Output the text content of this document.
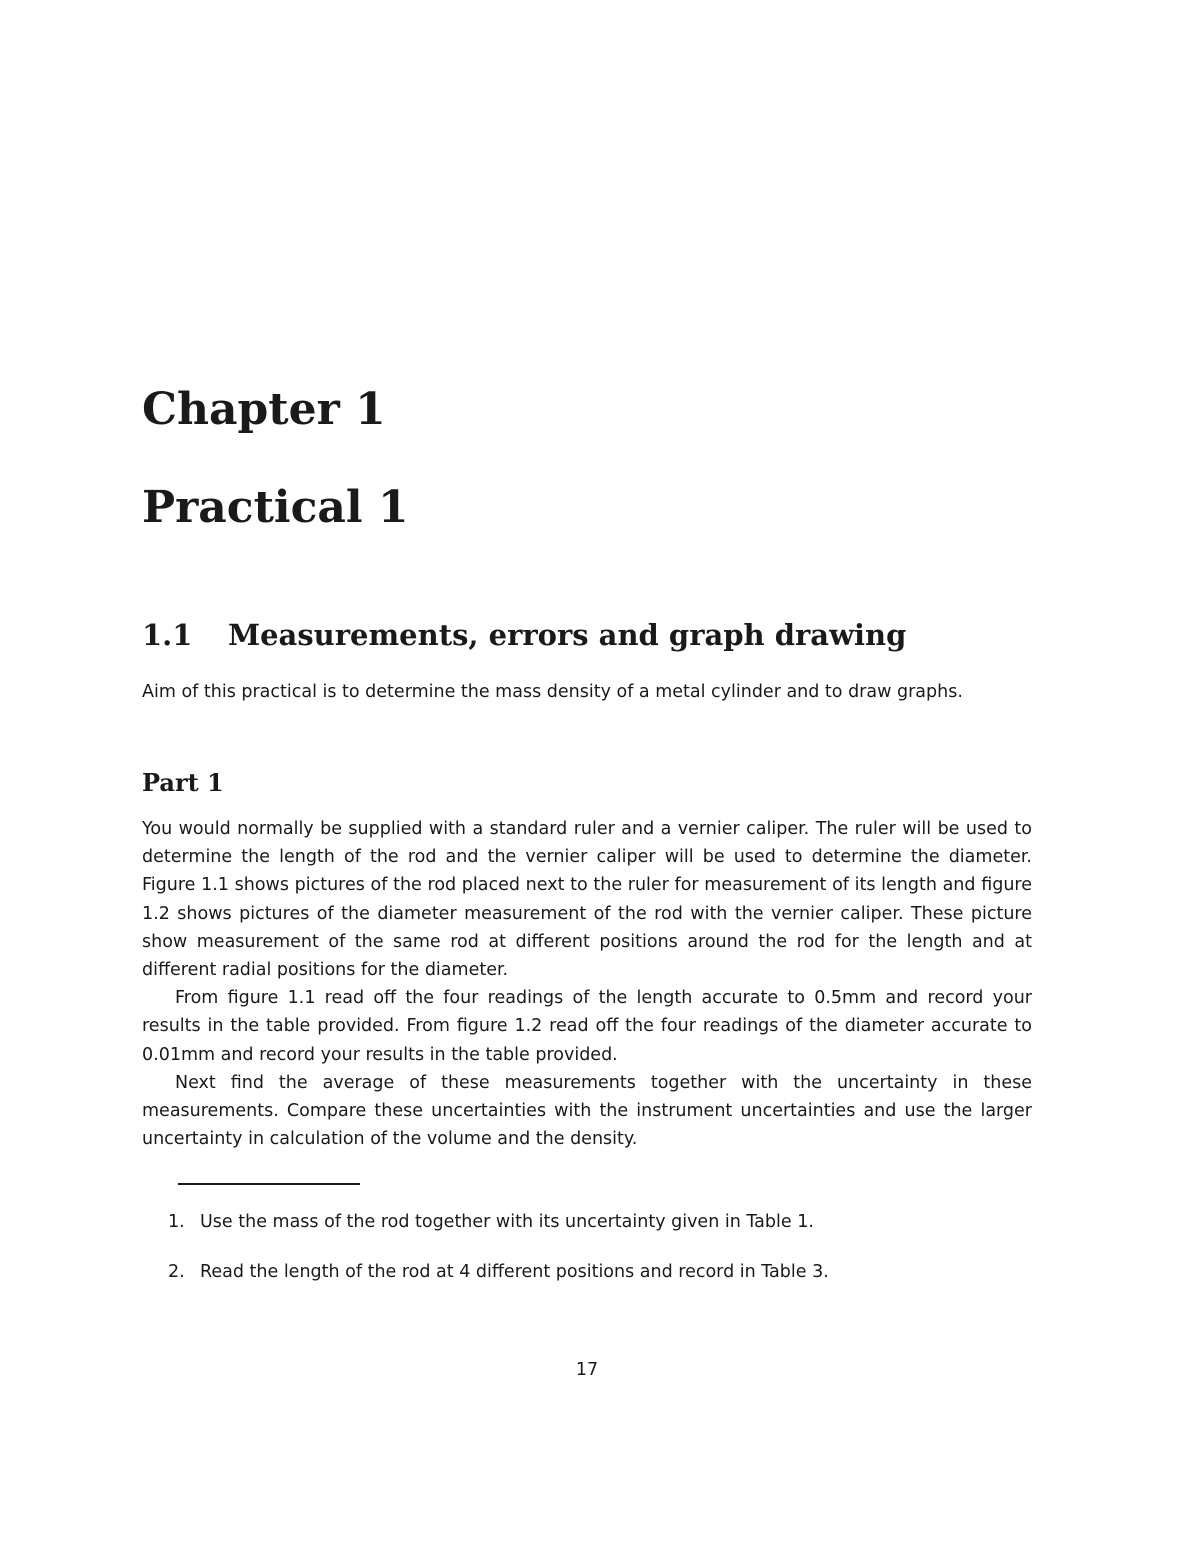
Chapter 1
Practical 1
1.1 Measurements, errors and graph drawing

Aim of this practical is to determine the mass density of a metal cylinder and to draw graphs.

Part 1

You would normally be supplied with a standard ruler and a vernier caliper. The ruler will be used to determine the length of the rod and the vernier caliper will be used to determine the diameter. Figure 1.1 shows pictures of the rod placed next to the ruler for measurement of its length and figure 1.2 shows pictures of the diameter measurement of the rod with the vernier caliper. These picture show measurement of the same rod at different positions around the rod for the length and at different radial positions for the diameter.

From figure 1.1 read off the four readings of the length accurate to 0.5mm and record your results in the table provided. From figure 1.2 read off the four readings of the diameter accurate to 0.01mm and record your results in the table provided.

Next find the average of these measurements together with the uncertainty in these measurements. Compare these uncertainties with the instrument uncertainties and use the larger uncertainty in calculation of the volume and the density.

1. Use the mass of the rod together with its uncertainty given in Table 1.
2. Read the length of the rod at 4 different positions and record in Table 3.
17
